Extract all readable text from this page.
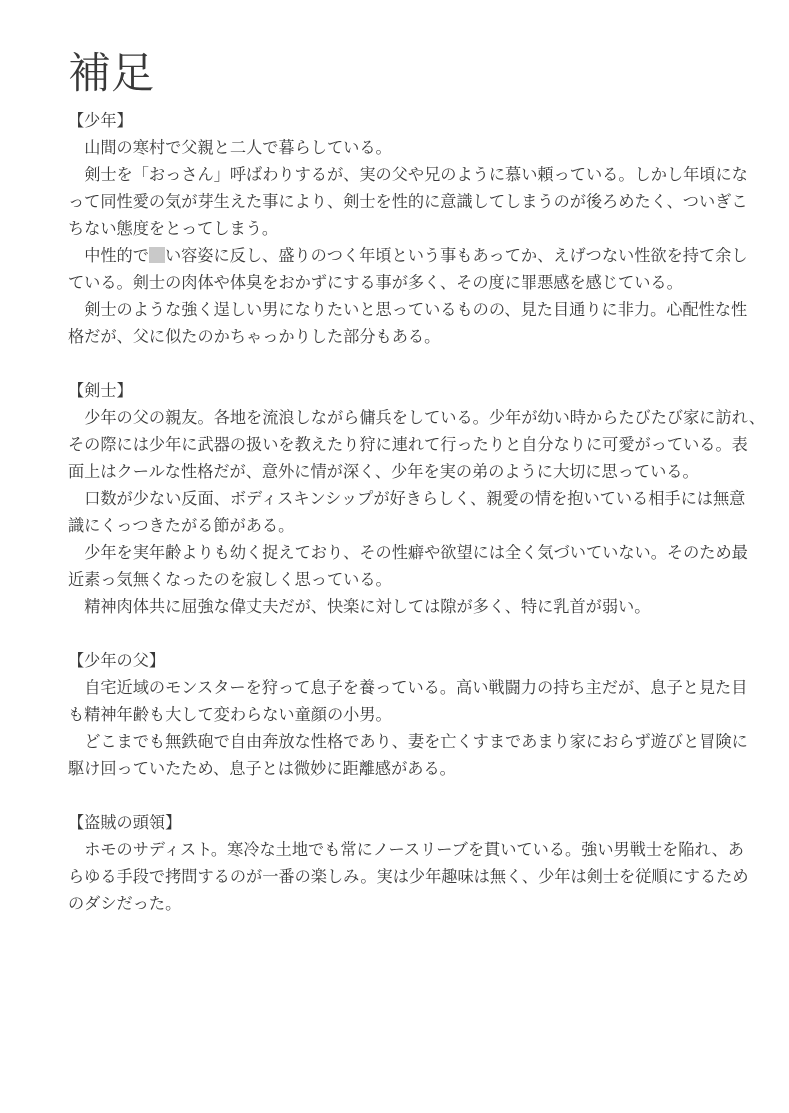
補足
【少年】
山間の寒村で父親と二人で暮らしている。
剣士を「おっさん」呼ばわりするが、実の父や兄のように慕い頼っている。しかし年頃にな
って同性愛の気が芽生えた事により、剣士を性的に意識してしまうのが後ろめたく、ついぎこ
ちない態度をとってしまう。
中性的で い容姿に反し、盛りのつく年頃という事もあってか、えげつない性欲を持て余し
ている。剣士の肉体や体臭をおかずにする事が多く、その度に罪悪感を感じている。
剣士のような強く逞しい男になりたいと思っているものの、見た目通りに非力。心配性な性
格だが、父に似たのかちゃっかりした部分もある。
【剣士】
少年の父の親友。各地を流浪しながら傭兵をしている。少年が幼い時からたびたび家に訪れ、
その際には少年に武器の扱いを教えたり狩に連れて行ったりと自分なりに可愛がっている。表
面上はクールな性格だが、意外に情が深く、少年を実の弟のように大切に思っている。
口数が少ない反面、ボディスキンシップが好きらしく、親愛の情を抱いている相手には無意
識にくっつきたがる節がある。
少年を実年齢よりも幼く捉えており、その性癖や欲望には全く気づいていない。そのため最
近素っ気無くなったのを寂しく思っている。
精神肉体共に屈強な偉丈夫だが、快楽に対しては隙が多く、特に乳首が弱い。
【少年の父】
自宅近域のモンスターを狩って息子を養っている。高い戦闘力の持ち主だが、息子と見た目
も精神年齢も大して変わらない童顔の小男。
どこまでも無鉄砲で自由奔放な性格であり、妻を亡くすまであまり家におらず遊びと冒険に
駆け回っていたため、息子とは微妙に距離感がある。
【盗賊の頭領】
ホモのサディスト。寒冷な土地でも常にノースリーブを貫いている。強い男戦士を陥れ、あ
らゆる手段で拷問するのが一番の楽しみ。実は少年趣味は無く、少年は剣士を従順にするため
のダシだった。
